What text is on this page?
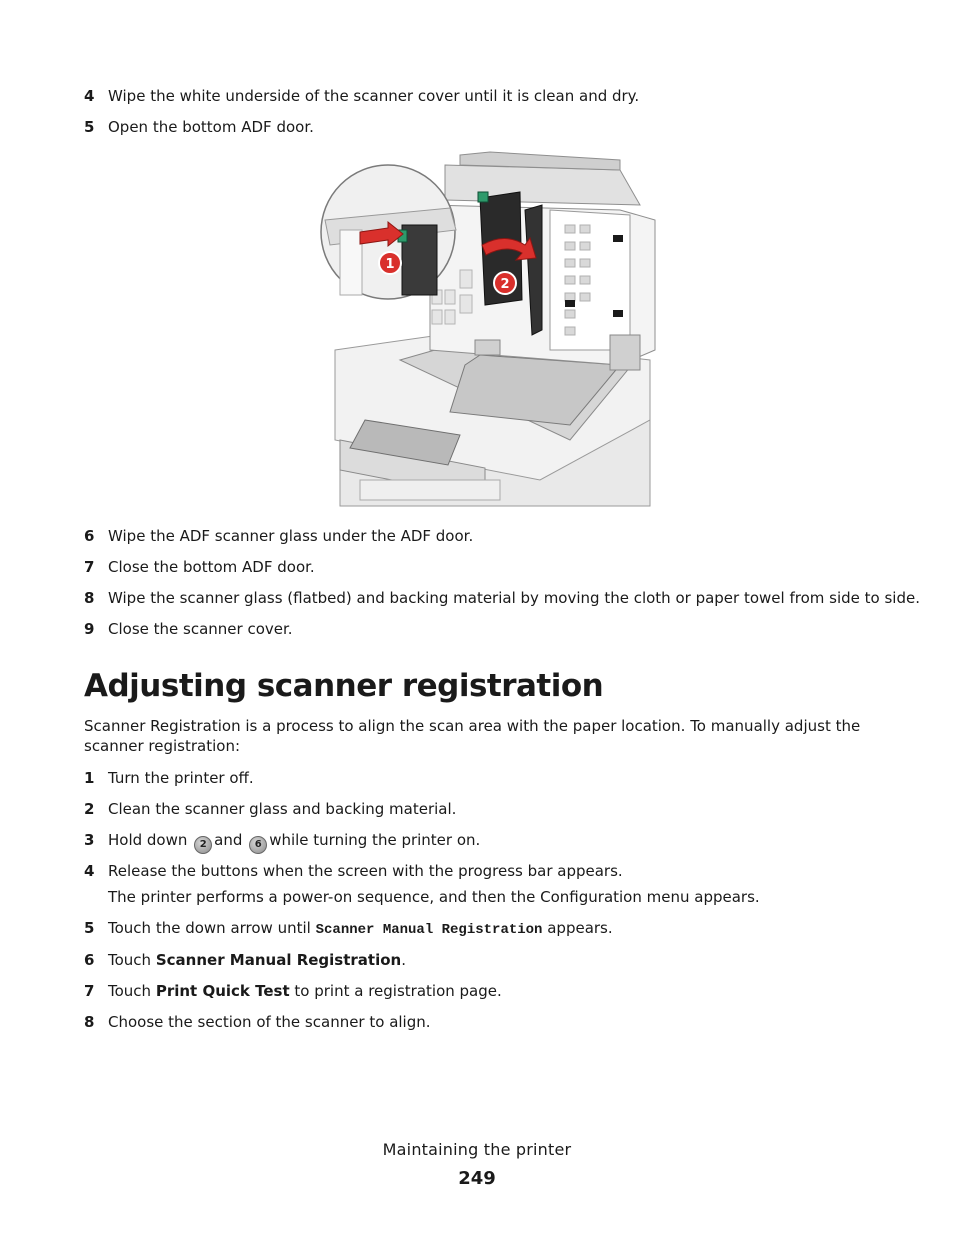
4 Wipe the white underside of the scanner cover until it is clean and dry.
5 Open the bottom ADF door.
2
1
6 Wipe the ADF scanner glass under the ADF door.
7 Close the bottom ADF door.
8 Wipe the scanner glass (flatbed) and backing material by moving the cloth or paper towel from side to side.
9 Close the scanner cover.
Adjusting scanner registration
Scanner Registration is a process to align the scan area with the paper location. To manually adjust the scanner registration:
1 Turn the printer off.
2 Clean the scanner glass and backing material.
3 Hold down 2 and 6 while turning the printer on.
4 Release the buttons when the screen with the progress bar appears.
The printer performs a power-on sequence, and then the Configuration menu appears.
5 Touch the down arrow until Scanner Manual Registration appears.
6 Touch Scanner Manual Registration.
7 Touch Print Quick Test to print a registration page.
8 Choose the section of the scanner to align.
Maintaining the printer
249
